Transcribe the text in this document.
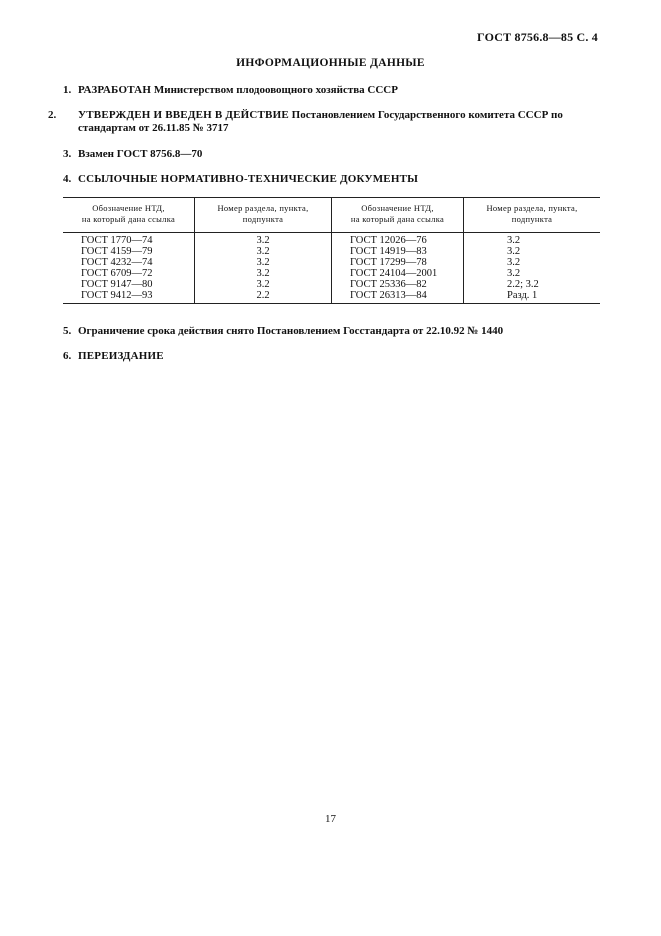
ГОСТ 8756.8—85 С. 4
ИНФОРМАЦИОННЫЕ ДАННЫЕ
1. РАЗРАБОТАН Министерством плодоовощного хозяйства СССР
2. УТВЕРЖДЕН И ВВЕДЕН В ДЕЙСТВИЕ Постановлением Государственного комитета СССР по стандартам от 26.11.85 № 3717
3. Взамен ГОСТ 8756.8—70
4. ССЫЛОЧНЫЕ НОРМАТИВНО-ТЕХНИЧЕСКИЕ ДОКУМЕНТЫ
Обозначение НТД,
на который дана ссылка
Номер раздела, пункта,
подпункта
Обозначение НТД,
на который дана ссылка
Номер раздела, пункта,
подпункта
ГОСТ 1770—74
ГОСТ 4159—79
ГОСТ 4232—74
ГОСТ 6709—72
ГОСТ 9147—80
ГОСТ 9412—93
3.2
3.2
3.2
3.2
3.2
2.2
ГОСТ 12026—76
ГОСТ 14919—83
ГОСТ 17299—78
ГОСТ 24104—2001
ГОСТ 25336—82
ГОСТ 26313—84
3.2
3.2
3.2
3.2
2.2; 3.2
Разд. 1
5. Ограничение срока действия снято Постановлением Госстандарта от 22.10.92 № 1440
6. ПЕРЕИЗДАНИЕ
17
